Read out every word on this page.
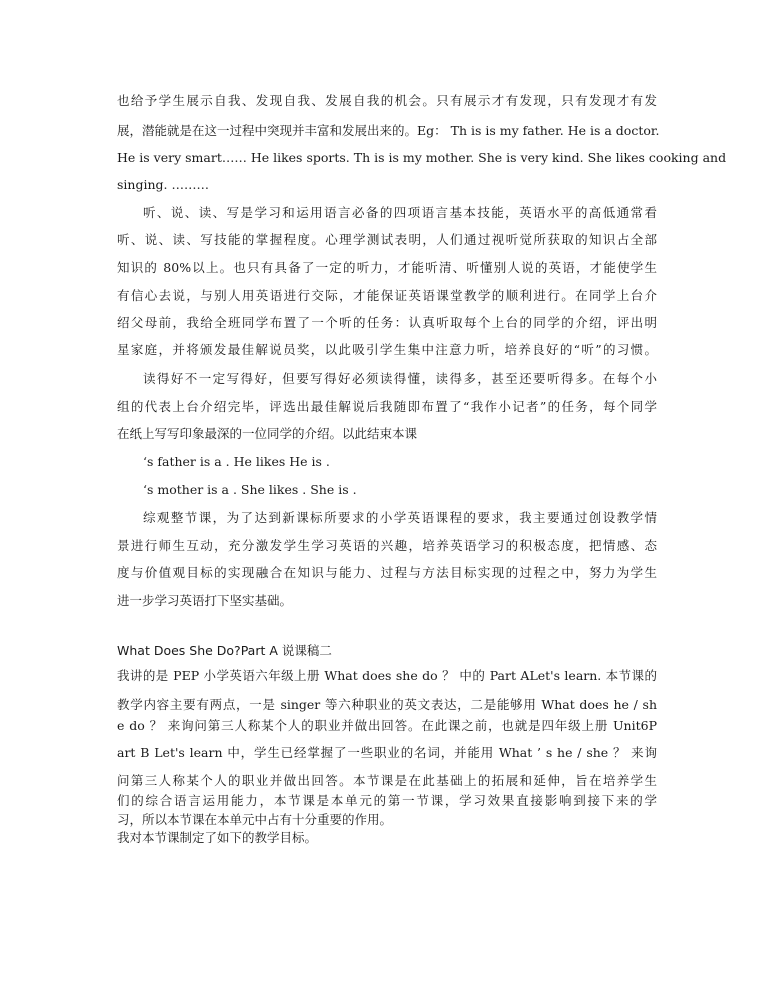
也给予学生展示自我、发现自我、发展自我的机会。只有展示才有发现，只有发现才有发
展，潜能就是在这一过程中突现并丰富和发展出来的。Eg： Th is is my father. He is a doctor.
He is very smart…… He likes sports. Th is is my mother. She is very kind. She likes cooking and
singing. ………
听、说、读、写是学习和运用语言必备的四项语言基本技能，英语水平的高低通常看
听、说、读、写技能的掌握程度。心理学测试表明，人们通过视听觉所获取的知识占全部
知识的 80%以上。也只有具备了一定的听力，才能听清、听懂别人说的英语，才能使学生
有信心去说，与别人用英语进行交际，才能保证英语课堂教学的顺利进行。在同学上台介
绍父母前，我给全班同学布置了一个听的任务：认真听取每个上台的同学的介绍，评出明
星家庭，并将颁发最佳解说员奖，以此吸引学生集中注意力听，培养良好的“听”的习惯。
读得好不一定写得好，但要写得好必须读得懂，读得多，甚至还要听得多。在每个小
组的代表上台介绍完毕，评选出最佳解说后我随即布置了“我作小记者”的任务，每个同学
在纸上写写印象最深的一位同学的介绍。以此结束本课
‘s father is a . He likes He is .
‘s mother is a . She likes . She is .
综观整节课，为了达到新课标所要求的小学英语课程的要求，我主要通过创设教学情
景进行师生互动，充分激发学生学习英语的兴趣，培养英语学习的积极态度，把情感、态
度与价值观目标的实现融合在知识与能力、过程与方法目标实现的过程之中，努力为学生
进一步学习英语打下坚实基础。
What Does She Do?Part A 说课稿二
我讲的是 PEP 小学英语六年级上册 What does she do ？ 中的 Part ALet's learn. 本节课的
教学内容主要有两点，一是 singer 等六种职业的英文表达，二是能够用 What does he / sh
e do ？ 来询问第三人称某个人的职业并做出回答。在此课之前，也就是四年级上册 Unit6P
art B Let's learn 中，学生已经掌握了一些职业的名词，并能用 What ’ s he / she ？ 来询
问第三人称某个人的职业并做出回答。本节课是在此基础上的拓展和延伸，旨在培养学生
们的综合语言运用能力，本节课是本单元的第一节课，学习效果直接影响到接下来的学
习，所以本节课在本单元中占有十分重要的作用。
我对本节课制定了如下的教学目标。
